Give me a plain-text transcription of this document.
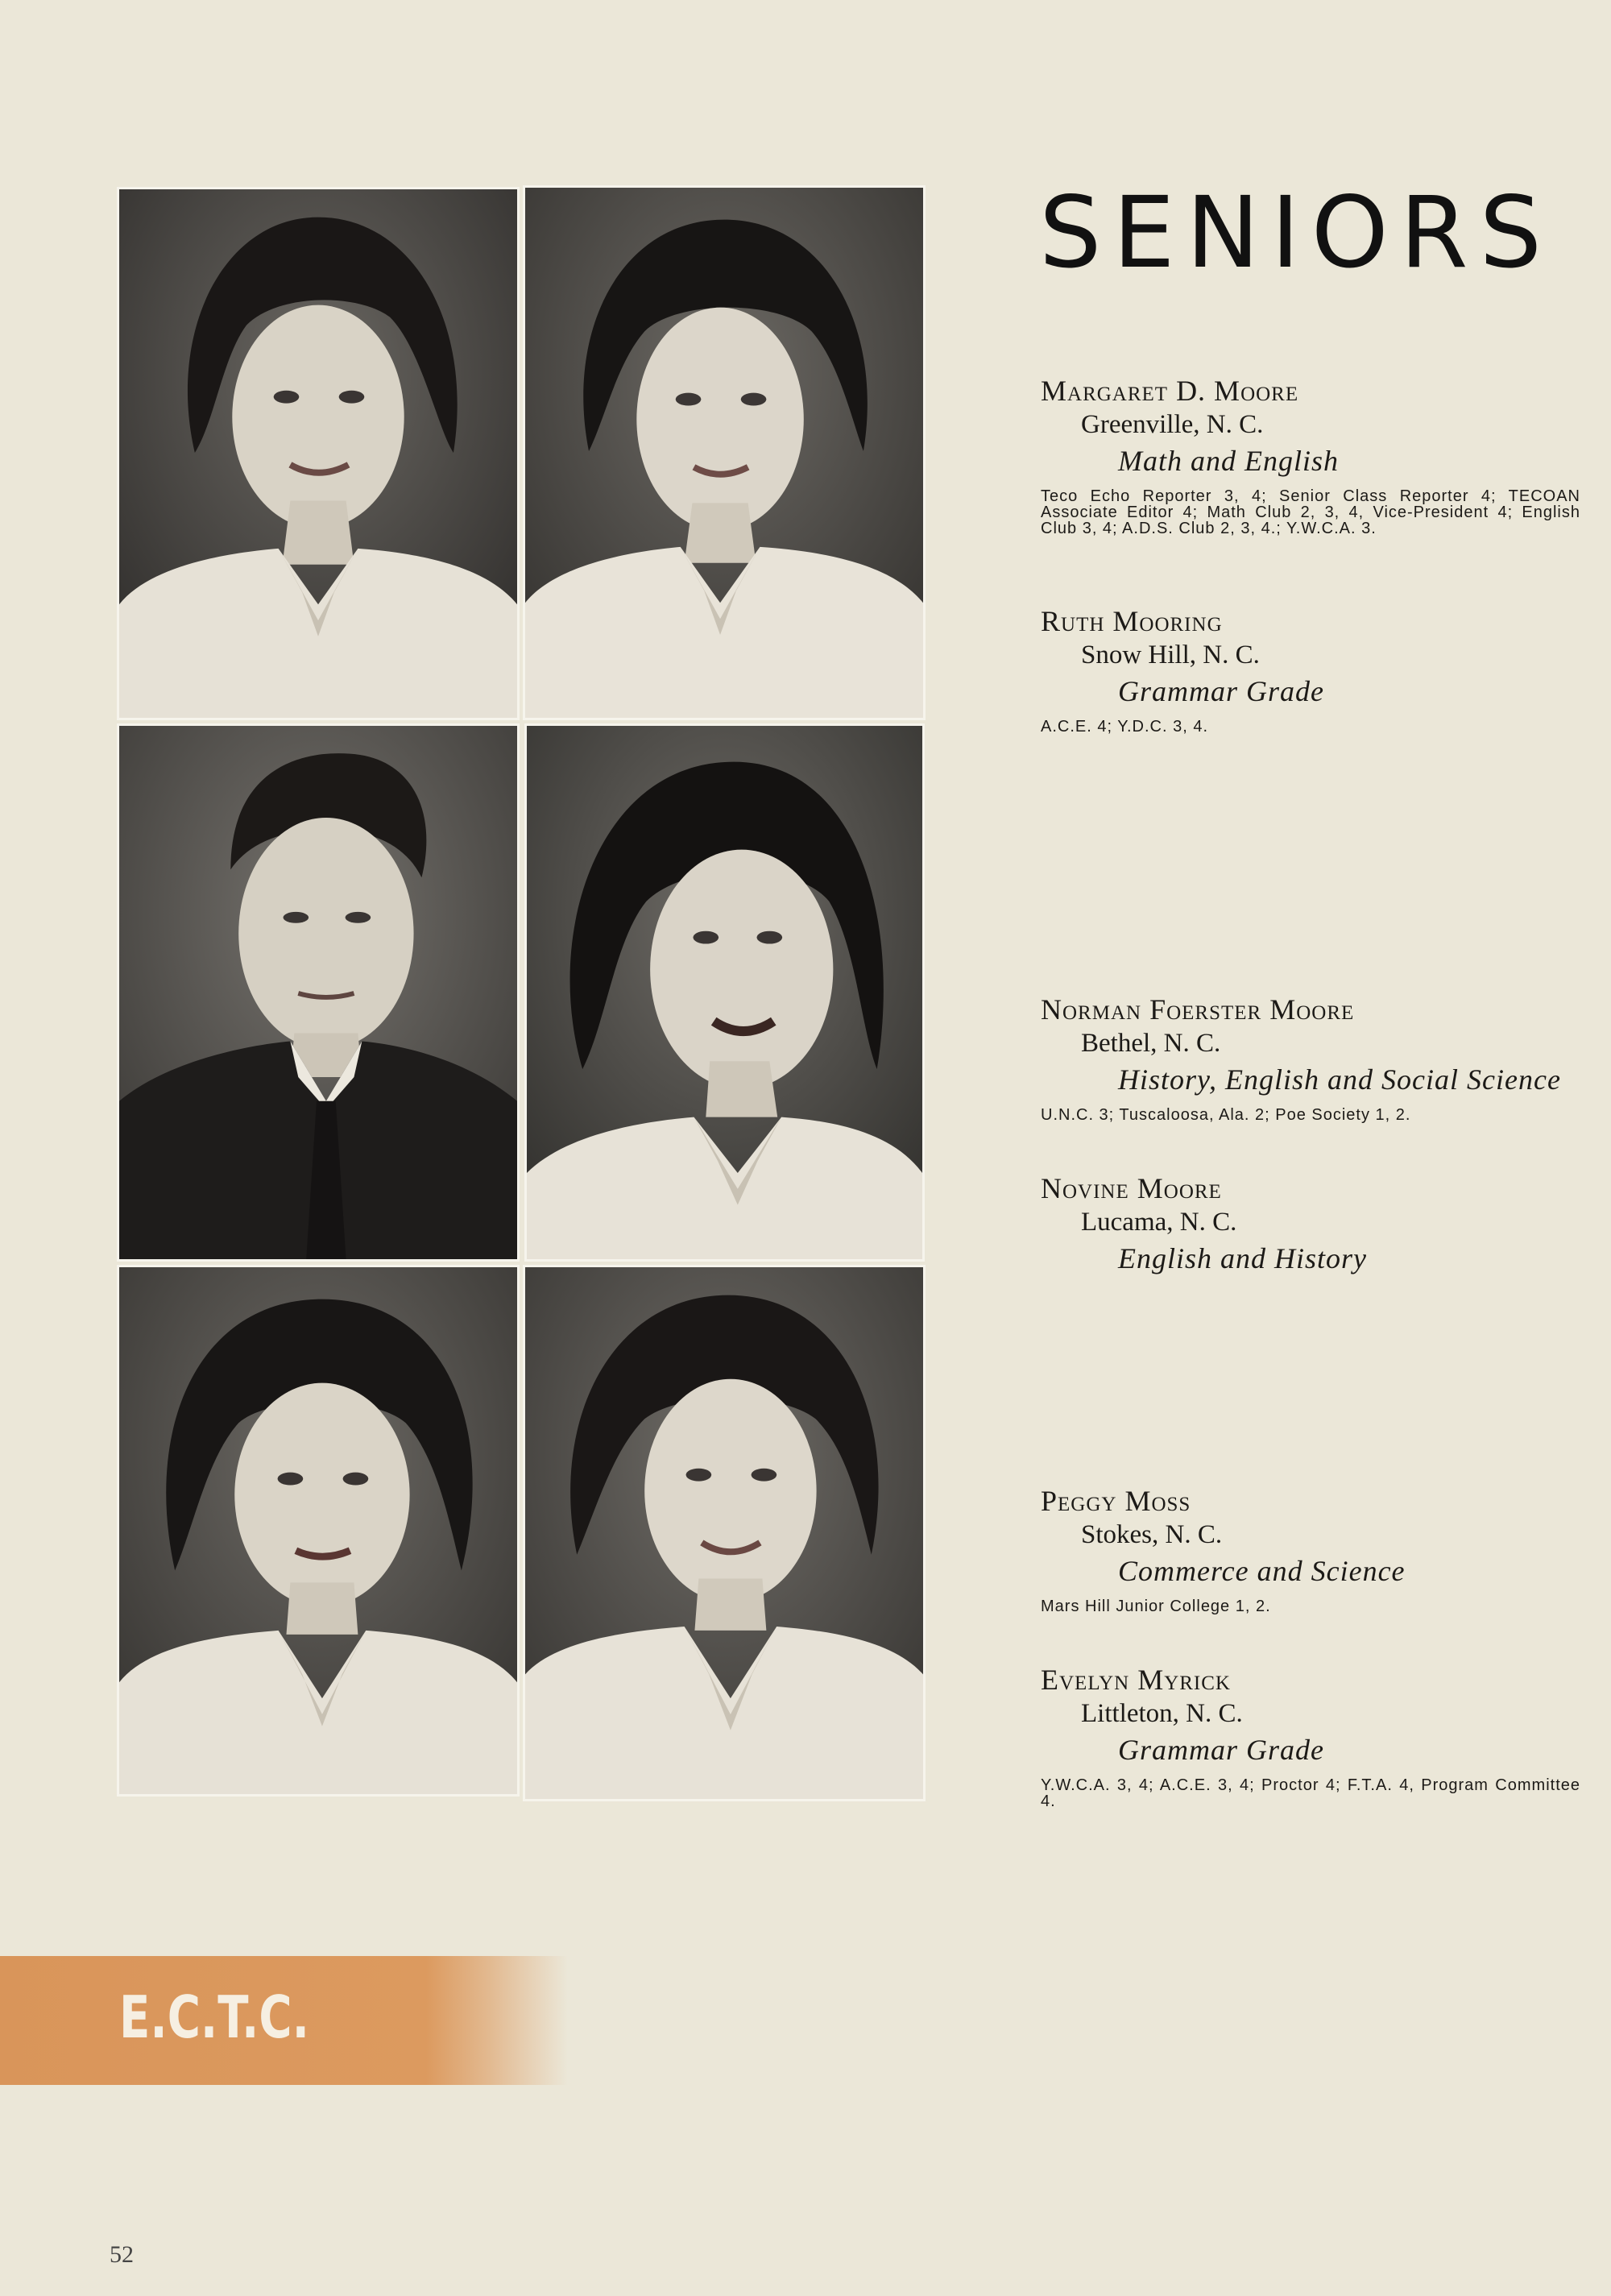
SENIORS

Margaret D. Moore

Greenville, N. C.

Math and English

Teco Echo Reporter 3, 4; Senior Class Reporter 4; TECOAN Associate Editor 4; Math Club 2, 3, 4, Vice-President 4; English Club 3, 4; A.D.S. Club 2, 3, 4.; Y.W.C.A. 3.

Ruth Mooring

Snow Hill, N. C.

Grammar Grade

A.C.E. 4; Y.D.C. 3, 4.

Norman Foerster Moore

Bethel, N. C.

History, English and Social Science

U.N.C. 3; Tuscaloosa, Ala. 2; Poe Society 1, 2.

Novine Moore

Lucama, N. C.

English and History

Peggy Moss

Stokes, N. C.

Commerce and Science

Mars Hill Junior College 1, 2.

Evelyn Myrick

Littleton, N. C.

Grammar Grade

Y.W.C.A. 3, 4; A.C.E. 3, 4; Proctor 4; F.T.A. 4, Program Committee 4.

E.C.T.C.

52
